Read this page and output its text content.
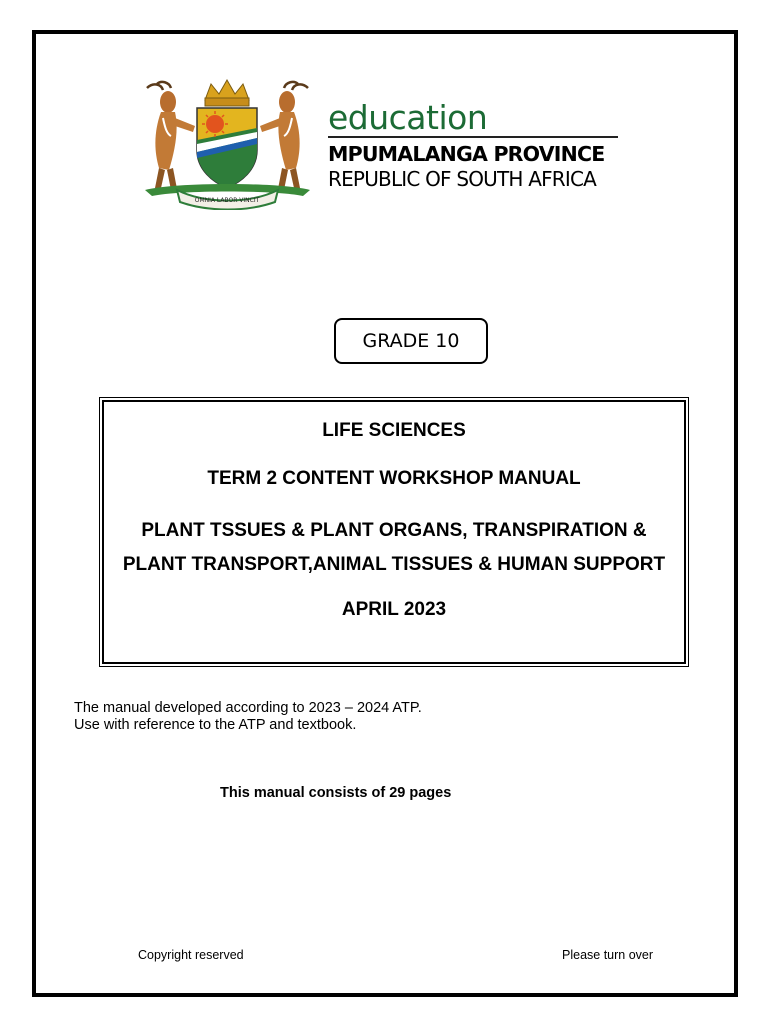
OMNIA LABOR VINCIT
education
MPUMALANGA PROVINCE
REPUBLIC OF SOUTH AFRICA
GRADE 10
LIFE SCIENCES
TERM 2 CONTENT WORKSHOP MANUAL
PLANT TSSUES & PLANT ORGANS, TRANSPIRATION & PLANT TRANSPORT,ANIMAL TISSUES & HUMAN SUPPORT
APRIL 2023
The manual developed according to 2023 – 2024 ATP.
Use with reference to the ATP and textbook.
This manual consists of 29 pages
Copyright reserved	Please turn over
